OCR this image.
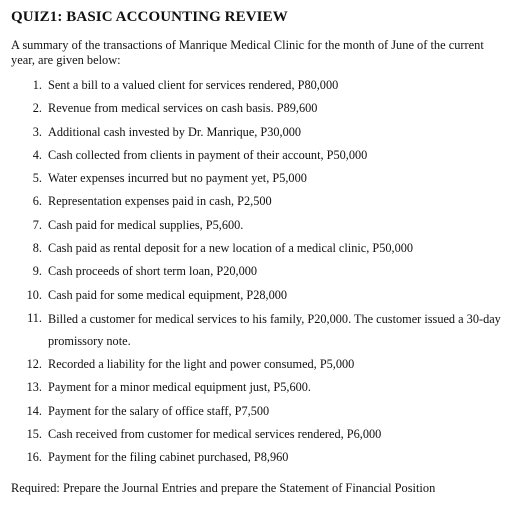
QUIZ1: BASIC ACCOUNTING REVIEW

A summary of the transactions of Manrique Medical Clinic for the month of June of the current year, are given below:

1. Sent a bill to a valued client for services rendered, P80,000
2. Revenue from medical services on cash basis. P89,600
3. Additional cash invested by Dr. Manrique, P30,000
4. Cash collected from clients in payment of their account, P50,000
5. Water expenses incurred but no payment yet, P5,000
6. Representation expenses paid in cash, P2,500
7. Cash paid for medical supplies, P5,600.
8. Cash paid as rental deposit for a new location of a medical clinic, P50,000
9. Cash proceeds of short term loan, P20,000
10. Cash paid for some medical equipment, P28,000
11. Billed a customer for medical services to his family, P20,000. The customer issued a 30-day promissory note.
12. Recorded a liability for the light and power consumed, P5,000
13. Payment for a minor medical equipment just, P5,600.
14. Payment for the salary of office staff, P7,500
15. Cash received from customer for medical services rendered, P6,000
16. Payment for the filing cabinet purchased, P8,960

Required: Prepare the Journal Entries and prepare the Statement of Financial Position
